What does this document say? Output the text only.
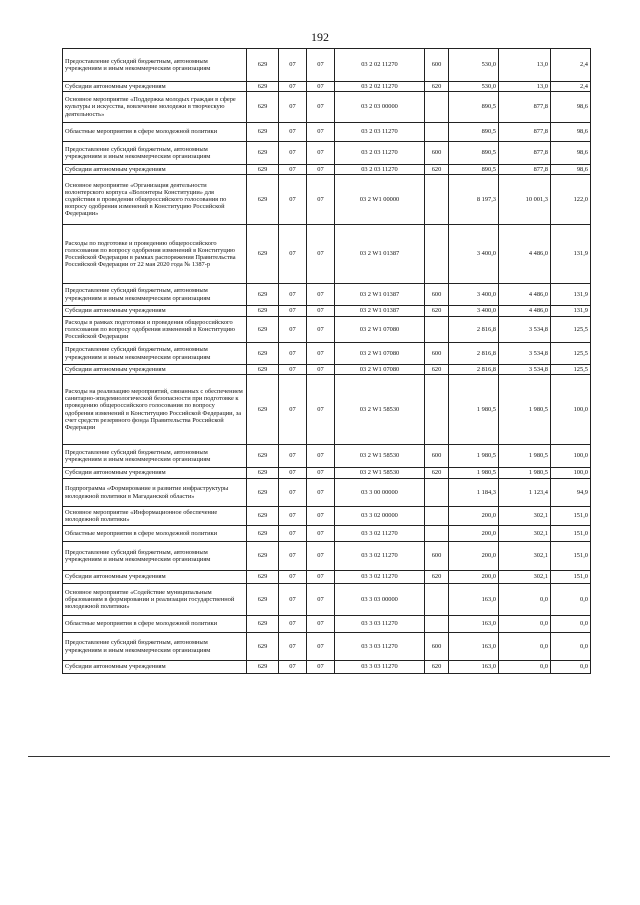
192
Предоставление субсидий бюджетным, автономным учреждениям и иным некоммерческим организациям	629	07	07	03 2 02 11270	600	530,0	13,0	2,4
Субсидии автономным учреждениям	629	07	07	03 2 02 11270	620	530,0	13,0	2,4
Основное мероприятие «Поддержка молодых граждан в сфере культуры и искусства, вовлечение молодежи в творческую деятельность»	629	07	07	03 2 03 00000		890,5	877,8	98,6
Областные мероприятия в сфере молодежной политики	629	07	07	03 2 03 11270		890,5	877,8	98,6
Предоставление субсидий бюджетным, автономным учреждениям и иным некоммерческим организациям	629	07	07	03 2 03 11270	600	890,5	877,8	98,6
Субсидии автономным учреждениям	629	07	07	03 2 03 11270	620	890,5	877,8	98,6
Основное мероприятие «Организация деятельности волонтерского корпуса «Волонтеры Конституции» для содействия в проведении общероссийского голосования по вопросу одобрения изменений в Конституцию Российской Федерации»	629	07	07	03 2 W1 00000		8 197,3	10 001,3	122,0
Расходы по подготовке и проведению общероссийского голосования по вопросу одобрения изменений в Конституцию Российской Федерации в рамках распоряжения Правительства Российской Федерации от 22 мая 2020 года № 1387-р	629	07	07	03 2 W1 01387		3 400,0	4 486,0	131,9
Предоставление субсидий бюджетным, автономным учреждениям и иным некоммерческим организациям	629	07	07	03 2 W1 01387	600	3 400,0	4 486,0	131,9
Субсидии автономным учреждениям	629	07	07	03 2 W1 01387	620	3 400,0	4 486,0	131,9
Расходы в рамках подготовки и проведения общероссийского голосования по вопросу одобрения изменений в Конституцию Российской Федерации	629	07	07	03 2 W1 07080		2 816,8	3 534,8	125,5
Предоставление субсидий бюджетным, автономным учреждениям и иным некоммерческим организациям	629	07	07	03 2 W1 07080	600	2 816,8	3 534,8	125,5
Субсидии автономным учреждениям	629	07	07	03 2 W1 07080	620	2 816,8	3 534,8	125,5
Расходы на реализацию мероприятий, связанных с обеспечением санитарно-эпидемиологической безопасности при подготовке к проведению общероссийского голосования по вопросу одобрения изменений в Конституцию Российской Федерации, за счет средств резервного фонда Правительства Российской Федерации	629	07	07	03 2 W1 58530		1 980,5	1 980,5	100,0
Предоставление субсидий бюджетным, автономным учреждениям и иным некоммерческим организациям	629	07	07	03 2 W1 58530	600	1 980,5	1 980,5	100,0
Субсидии автономным учреждениям	629	07	07	03 2 W1 58530	620	1 980,5	1 980,5	100,0
Подпрограмма «Формирование и развитие инфраструктуры молодежной политики в Магаданской области»	629	07	07	03 3 00 00000		1 184,3	1 123,4	94,9
Основное мероприятие «Информационное обеспечение молодежной политики»	629	07	07	03 3 02 00000		200,0	302,1	151,0
Областные мероприятия в сфере молодежной политики	629	07	07	03 3 02 11270		200,0	302,1	151,0
Предоставление субсидий бюджетным, автономным учреждениям и иным некоммерческим организациям	629	07	07	03 3 02 11270	600	200,0	302,1	151,0
Субсидии автономным учреждениям	629	07	07	03 3 02 11270	620	200,0	302,1	151,0
Основное мероприятие «Содействие муниципальным образованиям в формировании и реализации государственной молодежной политики»	629	07	07	03 3 03 00000		163,0	0,0	0,0
Областные мероприятия в сфере молодежной политики	629	07	07	03 3 03 11270		163,0	0,0	0,0
Предоставление субсидий бюджетным, автономным учреждениям и иным некоммерческим организациям	629	07	07	03 3 03 11270	600	163,0	0,0	0,0
Субсидии автономным учреждениям	629	07	07	03 3 03 11270	620	163,0	0,0	0,0
